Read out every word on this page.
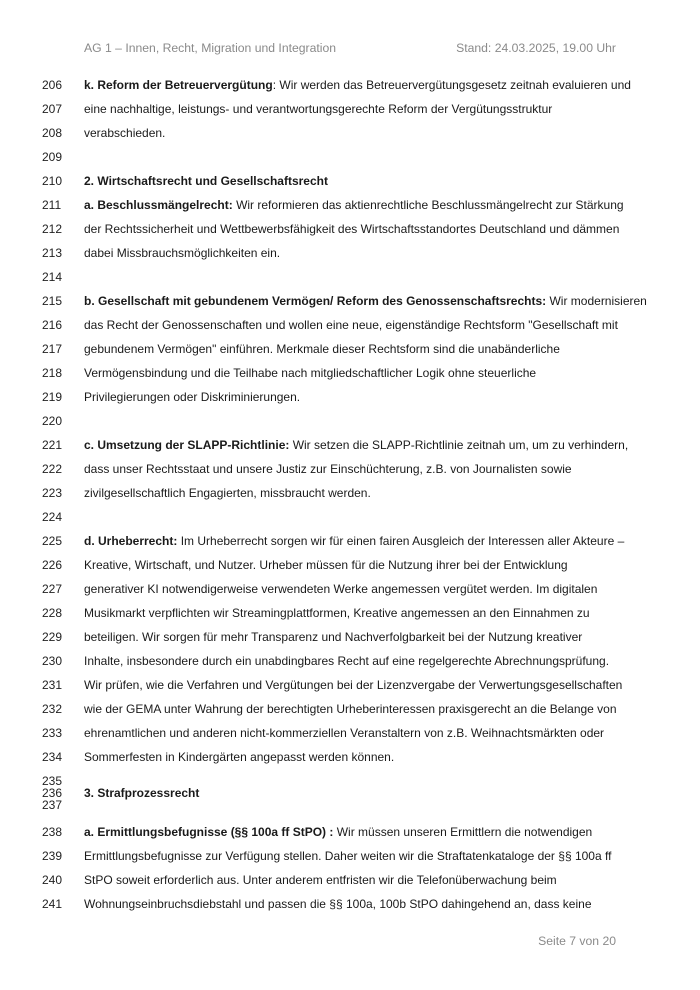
AG 1 – Innen, Recht, Migration und Integration	Stand: 24.03.2025, 19.00 Uhr
206	k. Reform der Betreuervergütung: Wir werden das Betreuervergütungsgesetz zeitnah evaluieren und
207	eine nachhaltige, leistungs- und verantwortungsgerechte Reform der Vergütungsstruktur
208	verabschieden.
209
210	2. Wirtschaftsrecht und Gesellschaftsrecht
211	a. Beschlussmängelrecht: Wir reformieren das aktienrechtliche Beschlussmängelrecht zur Stärkung
212	der Rechtssicherheit und Wettbewerbsfähigkeit des Wirtschaftsstandortes Deutschland und dämmen
213	dabei Missbrauchsmöglichkeiten ein.
214
215	b. Gesellschaft mit gebundenem Vermögen/ Reform des Genossenschaftsrechts: Wir modernisieren
216	das Recht der Genossenschaften und wollen eine neue, eigenständige Rechtsform "Gesellschaft mit
217	gebundenem Vermögen" einführen. Merkmale dieser Rechtsform sind die unabänderliche
218	Vermögensbindung und die Teilhabe nach mitgliedschaftlicher Logik ohne steuerliche
219	Privilegierungen oder Diskriminierungen.
220
221	c. Umsetzung der SLAPP-Richtlinie: Wir setzen die SLAPP-Richtlinie zeitnah um, um zu verhindern,
222	dass unser Rechtsstaat und unsere Justiz zur Einschüchterung, z.B. von Journalisten sowie
223	zivilgesellschaftlich Engagierten, missbraucht werden.
224
225	d. Urheberrecht: Im Urheberrecht sorgen wir für einen fairen Ausgleich der Interessen aller Akteure –
226	Kreative, Wirtschaft, und Nutzer. Urheber müssen für die Nutzung ihrer bei der Entwicklung
227	generativer KI notwendigerweise verwendeten Werke angemessen vergütet werden. Im digitalen
228	Musikmarkt verpflichten wir Streamingplattformen, Kreative angemessen an den Einnahmen zu
229	beteiligen. Wir sorgen für mehr Transparenz und Nachverfolgbarkeit bei der Nutzung kreativer
230	Inhalte, insbesondere durch ein unabdingbares Recht auf eine regelgerechte Abrechnungsprüfung.
231	Wir prüfen, wie die Verfahren und Vergütungen bei der Lizenzvergabe der Verwertungsgesellschaften
232	wie der GEMA unter Wahrung der berechtigten Urheberinteressen praxisgerecht an die Belange von
233	ehrenamtlichen und anderen nicht-kommerziellen Veranstaltern von z.B. Weihnachtsmärkten oder
234	Sommerfesten in Kindergärten angepasst werden können.
235
236	3. Strafprozessrecht
237
238	a. Ermittlungsbefugnisse (§§ 100a ff StPO) : Wir müssen unseren Ermittlern die notwendigen
239	Ermittlungsbefugnisse zur Verfügung stellen. Daher weiten wir die Straftatenkataloge der §§ 100a ff
240	StPO soweit erforderlich aus. Unter anderem entfristen wir die Telefonüberwachung beim
241	Wohnungseinbruchsdiebstahl und passen die §§ 100a, 100b StPO dahingehend an, dass keine
Seite 7 von 20
